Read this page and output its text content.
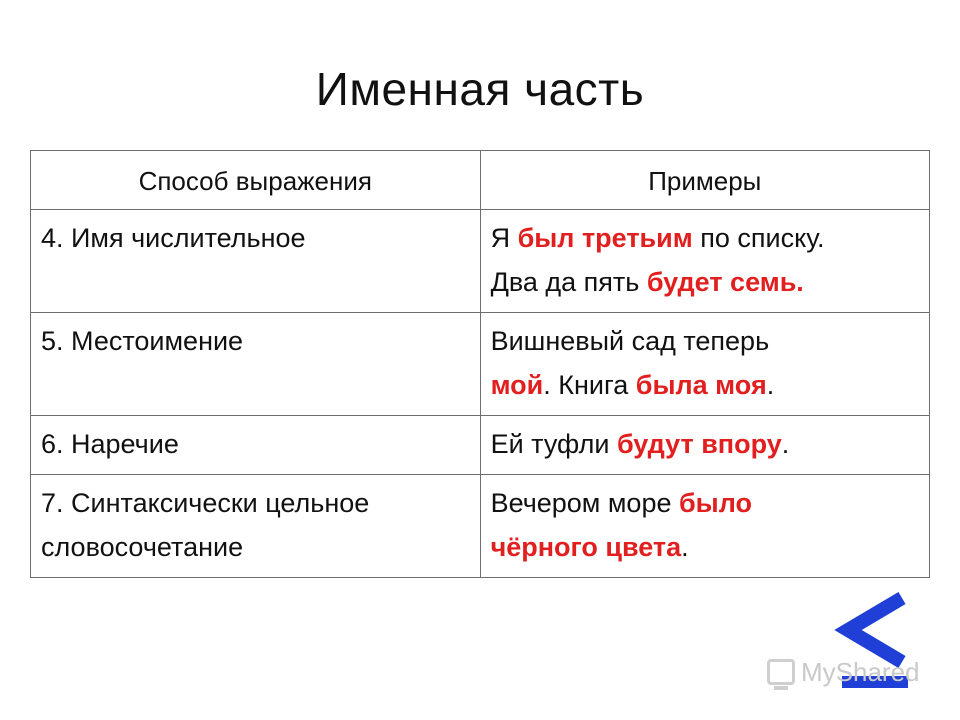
Именная часть
Способ выражения	Примеры
4. Имя числительное	Я был третьим по списку.
Два да пять будет семь.
5. Местоимение	Вишневый сад теперь
мой. Книга была моя.
6. Наречие	Ей туфли будут впору.
7. Синтаксически цельное словосочетание	Вечером море было
чёрного цвета.
MyShared
